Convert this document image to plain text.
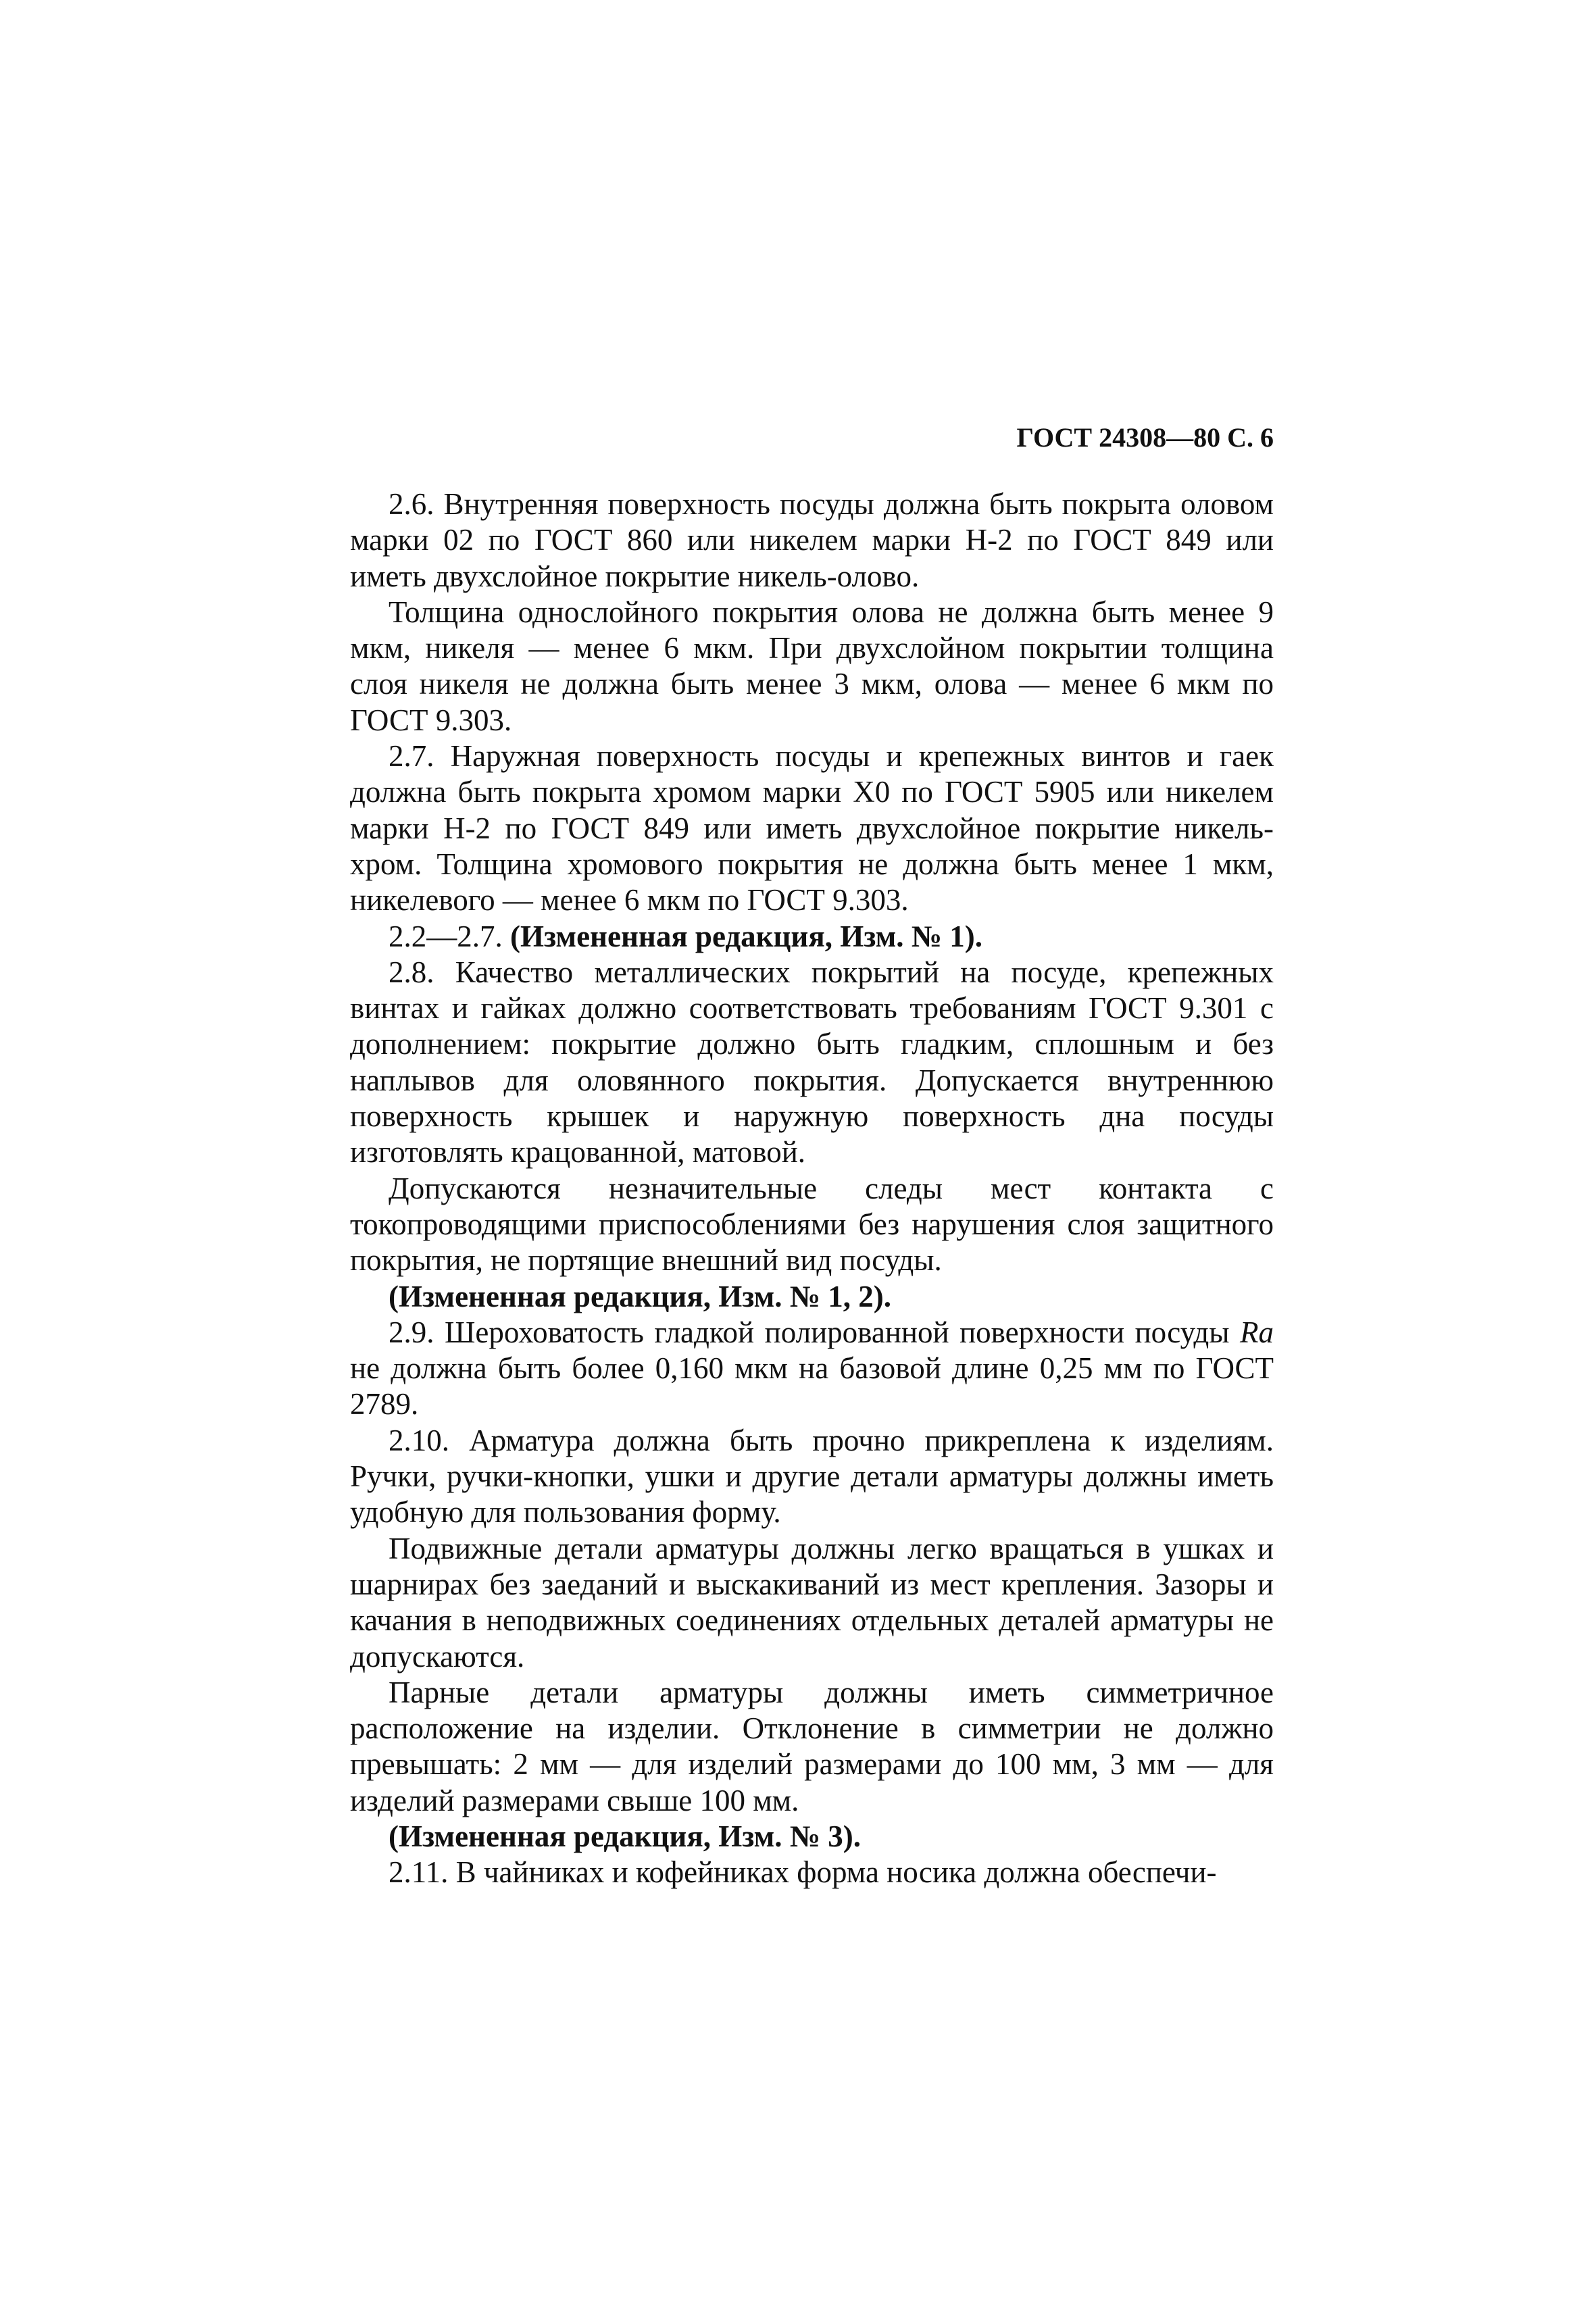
ГОСТ 24308—80 С. 6

2.6. Внутренняя поверхность посуды должна быть покрыта оловом марки 02 по ГОСТ 860 или никелем марки Н-2 по ГОСТ 849 или иметь двухслойное покрытие никель-олово.

Толщина однослойного покрытия олова не должна быть менее 9 мкм, никеля — менее 6 мкм. При двухслойном покрытии толщина слоя никеля не должна быть менее 3 мкм, олова — менее 6 мкм по ГОСТ 9.303.

2.7. Наружная поверхность посуды и крепежных винтов и гаек должна быть покрыта хромом марки Х0 по ГОСТ 5905 или никелем марки Н-2 по ГОСТ 849 или иметь двухслойное покрытие никель-хром. Толщина хромового покрытия не должна быть менее 1 мкм, никелевого — менее 6 мкм по ГОСТ 9.303.

2.2—2.7. (Измененная редакция, Изм. № 1).

2.8. Качество металлических покрытий на посуде, крепежных винтах и гайках должно соответствовать требованиям ГОСТ 9.301 с дополнением: покрытие должно быть гладким, сплошным и без наплывов для оловянного покрытия. Допускается внутреннюю поверхность крышек и наружную поверхность дна посуды изготовлять крацованной, матовой.

Допускаются незначительные следы мест контакта с токопроводящими приспособлениями без нарушения слоя защитного покрытия, не портящие внешний вид посуды.

(Измененная редакция, Изм. № 1, 2).

2.9. Шероховатость гладкой полированной поверхности посуды Ra не должна быть более 0,160 мкм на базовой длине 0,25 мм по ГОСТ 2789.

2.10. Арматура должна быть прочно прикреплена к изделиям. Ручки, ручки-кнопки, ушки и другие детали арматуры должны иметь удобную для пользования форму.

Подвижные детали арматуры должны легко вращаться в ушках и шарнирах без заеданий и выскакиваний из мест крепления. Зазоры и качания в неподвижных соединениях отдельных деталей арматуры не допускаются.

Парные детали арматуры должны иметь симметричное расположение на изделии. Отклонение в симметрии не должно превышать: 2 мм — для изделий размерами до 100 мм, 3 мм — для изделий размерами свыше 100 мм.

(Измененная редакция, Изм. № 3).

2.11. В чайниках и кофейниках форма носика должна обеспечи-
